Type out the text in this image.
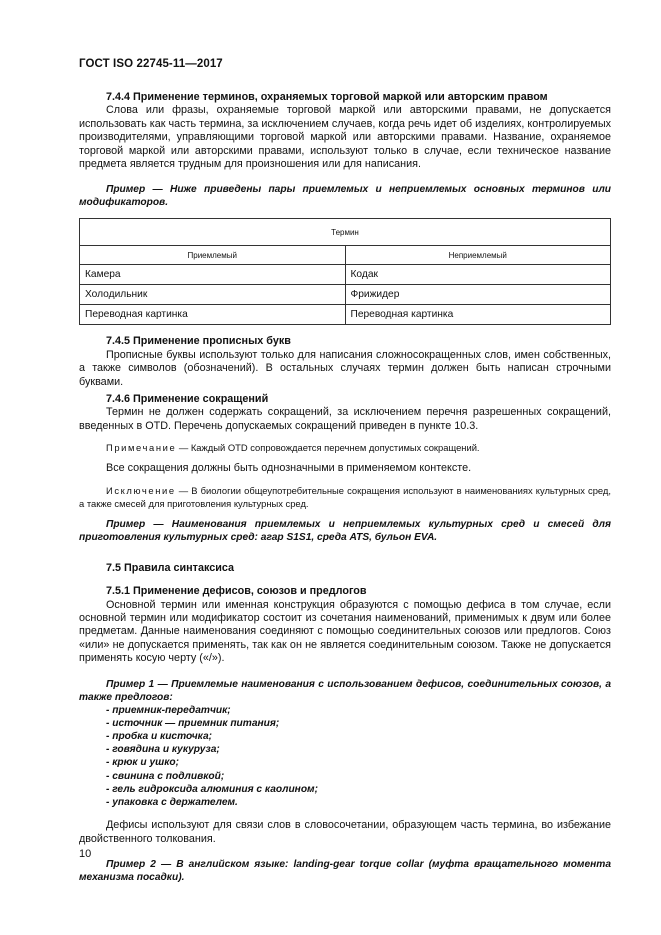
ГОСТ ISO 22745-11—2017

7.4.4 Применение терминов, охраняемых торговой маркой или авторским правом

Слова или фразы, охраняемые торговой маркой или авторскими правами, не допускается использовать как часть термина, за исключением случаев, когда речь идет об изделиях, контролируемых производителями, управляющими торговой маркой или авторскими правами. Название, охраняемое торговой маркой или авторскими правами, используют только в случае, если техническое название предмета является трудным для произношения или для написания.

Пример — Ниже приведены пары приемлемых и неприемлемых основных терминов или модификаторов.

Термин	
Приемлемый	Неприемлемый
Камера	Кодак
Холодильник	Фрижидер
Переводная картинка	Переводная картинка

7.4.5 Применение прописных букв

Прописные буквы используют только для написания сложносокращенных слов, имен собственных, а также символов (обозначений). В остальных случаях термин должен быть написан строчными буквами.

7.4.6 Применение сокращений

Термин не должен содержать сокращений, за исключением перечня разрешенных сокращений, введенных в OTD. Перечень допускаемых сокращений приведен в пункте 10.3.

Примечание — Каждый OTD сопровождается перечнем допустимых сокращений.

Все сокращения должны быть однозначными в применяемом контексте.

Исключение — В биологии общеупотребительные сокращения используют в наименованиях культурных сред, а также смесей для приготовления культурных сред.

Пример — Наименования приемлемых и неприемлемых культурных сред и смесей для приготовления культурных сред: агар S1S1, среда ATS, бульон EVA.

7.5 Правила синтаксиса

7.5.1 Применение дефисов, союзов и предлогов

Основной термин или именная конструкция образуются с помощью дефиса в том случае, если основной термин или модификатор состоит из сочетания наименований, применимых к двум или более предметам. Данные наименования соединяют с помощью соединительных союзов или предлогов. Союз «или» не допускается применять, так как он не является соединительным союзом. Также не допускается применять косую черту («/»).

Пример 1 — Приемлемые наименования с использованием дефисов, соединительных союзов, а также предлогов:

- приемник-передатчик;
- источник — приемник питания;
- пробка и кисточка;
- говядина и кукуруза;
- крюк и ушко;
- свинина с подливкой;
- гель гидроксида алюминия с каолином;
- упаковка с держателем.

Дефисы используют для связи слов в словосочетании, образующем часть термина, во избежание двойственного толкования.

Пример 2 — В английском языке: landing-gear torque collar (муфта вращательного момента механизма посадки).

10
